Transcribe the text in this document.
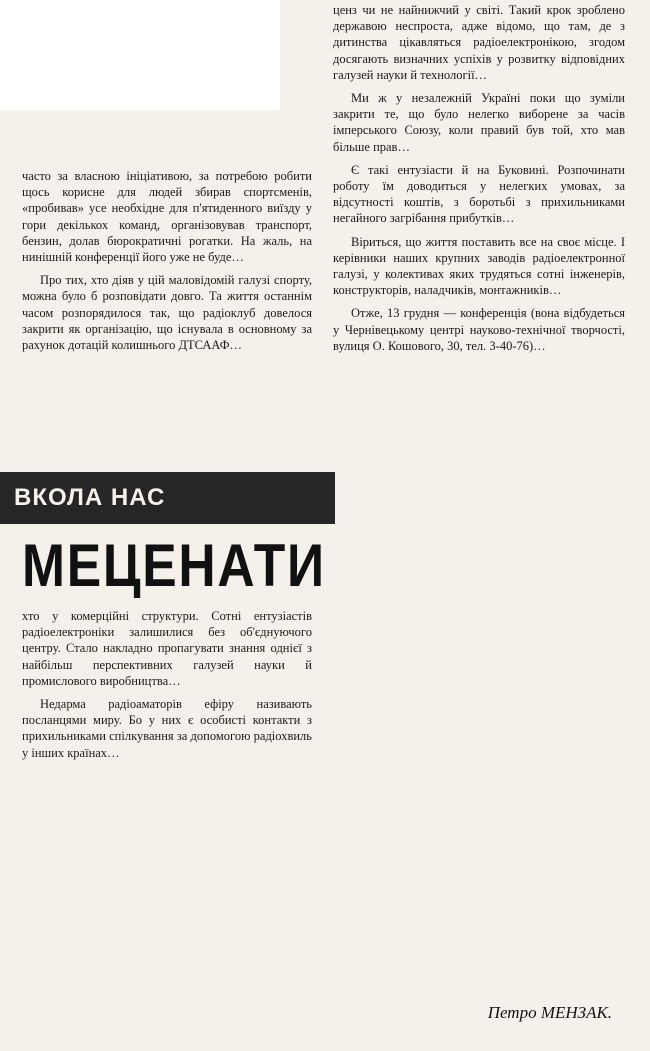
часто за власною ініціативою, за потребою робити щось корисне для людей збирав спортсменів, «пробивав» усе необхідне для п'ятиденного виїзду у гори декількох команд, організовував транспорт, бензин, долав бюрократичні рогатки. На жаль, на нинішній конференції його уже не буде…

Про тих, хто діяв у цій маловідомій галузі спорту, можна було б розповідати довго. Та життя останнім часом розпорядилося так, що радіоклуб довелося закрити як організацію, що існувала в основному за рахунок дотацій колишнього ДТСААФ…

ВКОЛА НАС
МЕЦЕНАТИ

хто у комерційні структури. Сотні ентузіастів радіоелектроніки залишилися без об'єднуючого центру. Стало накладно пропагувати знання однієї з найбільш перспективних галузей науки й промислового виробництва…

Недарма радіоаматорів ефіру називають посланцями миру. Бо у них є особисті контакти з прихильниками спілкування за допомогою радіохвиль у інших країнах…

ценз чи не найнижчий у світі. Такий крок зроблено державою неспроста, адже відомо, що там, де з дитинства цікавляться радіоелектронікою, згодом досягають визначних успіхів у розвитку відповідних галузей науки й технології…

Ми ж у незалежній Україні поки що зуміли закрити те, що було нелегко виборене за часів імперського Союзу, коли правий був той, хто мав більше прав…

Є такі ентузіасти й на Буковині. Розпочинати роботу їм доводиться у нелегких умовах, за відсутності коштів, з боротьбі з прихильниками негайного загрібання прибутків…

Віриться, що життя поставить все на своє місце. І керівники наших крупних заводів радіоелектронної галузі, у колективах яких трудяться сотні інженерів, конструкторів, наладчиків, монтажників…

Отже, 13 грудня — конференція (вона відбудеться у Чернівецькому центрі науково-технічної творчості, вулиця О. Кошового, 30, тел. 3-40-76)…

Петро МЕНЗАК.
